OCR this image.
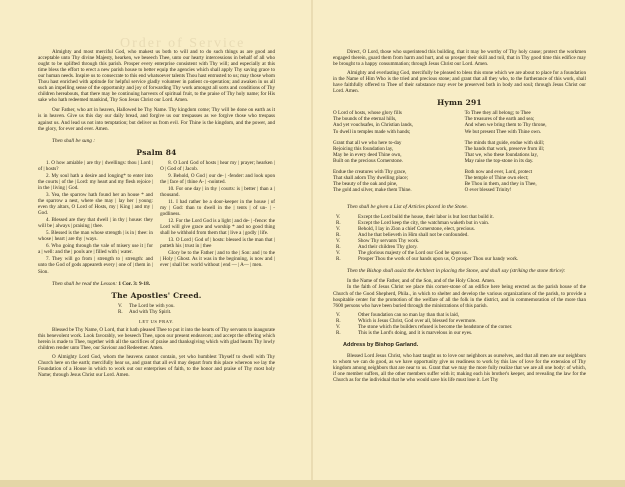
Order of Service

Almighty and most merciful God, who makest us both to will and to do such things as are good and acceptable unto Thy divine Majesty, hearken, we beseech Thee, unto our hearty intercessions in behalf of all who ought to be uplifted through this parish. Prosper every enterprise consistent with Thy will; and especially at this time bless the effort to erect a new parish house to better equip the agencies which shall apply Thy saving grace to our human needs. Inspire us to consecrate to this end whatsoever talents Thou hast entrusted to us; may those whom Thou hast enriched with aptitude for helpful service gladly volunteer in patient co-operation; and awaken in us all such an impelling sense of the opportunity and joy of forwarding Thy work amongst all sorts and conditions of Thy children hereabouts, that there may be continuing harvests of spiritual fruit, to the praise of Thy holy name; for His sake who hath redeemed mankind, Thy Son Jesus Christ our Lord. Amen.

Our Father, who art in heaven, Hallowed be Thy Name. Thy kingdom come; Thy will be done on earth as it is in heaven. Give us this day our daily bread, and forgive us our trespasses as we forgive those who trespass against us. And lead us not into temptation; but deliver us from evil. For Thine is the kingdom, and the power, and the glory, for ever and ever. Amen.

Then shall be sung :
Psalm 84

1. O how amiable | are thy | dwellings: thou | Lord | of | hosts?

2. My soul hath a desire and longing* to enter into the courts | of the | Lord: my heart and my flesh rejoice | in the | living | God.

3. Yea, the sparrow hath found her an house * and the sparrow a nest, where she may | lay her | young: even thy altars, O Lord of Hosts, my | King | and my | God.

4. Blessed are they that dwell | in thy | house: they will be | always | praising | thee.

5. Blessed is the man whose strength | is in | thee: in whose | heart | are thy | ways.

6. Who going through the vale of misery use it | for a | well: and the | pools are | filled with | water.

7. They will go from | strength to | strength: and unto the God of gods appeareth every | one of | them in | Sion.

8. O Lord God of hosts | hear my | prayer; hearken | O | God of | Jacob.

9. Behold, O God | our de- | -fender: and look upon the | face of | thine A- | -nointed.

10. For one day | in thy | courts: is | better | than a | thousand.

11. I had rather be a door-keeper in the house | of my | God: than to dwell in the | tents | of un- | -godliness.

12. For the Lord God is a light | and de- | -fence: the Lord will give grace and worship * and no good thing shall he withhold from them that | live a | godly | life.

13. O Lord | God of | hosts: blessed is the man that | putteth his | trust in | thee

Glory be to the Father | and to the | Son: and | to the | Holy | Ghost. As it was in the beginning, is now and | ever | shall be: world without | end — | A— | men.

Then shall be read the Lesson: 1 Cor. 3: 9-18.
The Apostles' Creed.
V. The Lord be with you.
R. And with Thy Spirit.
LET US PRAY.

Blessed be Thy Name, O Lord, that it hath pleased Thee to put it into the hearts of Thy servants to inaugurate this benevolent work. Look favorably, we beseech Thee, upon our present endeavors; and accept the offering which herein is made to Thee, together with all the sacrifices of praise and thanksgiving which with glad hearts Thy lowly children render unto Thee, our Saviour and Redeemer. Amen.

O Almighty Lord God, whom the heavens cannot contain, yet who humblest Thyself to dwell with Thy Church here on the earth; mercifully hear us, and grant that all evil may depart from this place whereon we lay the Foundation of a House in which to work out our enterprises of faith, to the honor and praise of Thy most holy Name; through Jesus Christ our Lord. Amen.

Direct, O Lord, those who superintend this building, that it may be worthy of Thy holy cause; protect the workmen engaged therein, guard them from harm and hurt, and so prosper their skill and toil, that in Thy good time this edifice may be brought to a happy consummation; through Jesus Christ our Lord. Amen.

Almighty and everlasting God, mercifully be pleased to bless this stone which we are about to place for a foundation in the Name of Him Who is the tried and precious stone; and grant that all they who, to the furtherance of this work, shall have faithfully offered to Thee of their substance may ever be preserved both in body and soul; through Jesus Christ our Lord. Amen.

Hymn 291
O Lord of hosts, whose glory fills
The bounds of the eternal hills,
And yet vouchsafes, in Christian lands,
To dwell in temples made with hands;
Grant that all we who here to-day
Rejoicing this foundation lay,
May be in every deed Thine own,
Built on the precious Cornerstone.
Endue the creatures with Thy grace,
That shall adorn Thy dwelling place;
The beauty of the oak and pine,
The gold and silver, make them Thine.
To Thee they all belong; to Thee
The treasures of the earth and sea;
And when we bring them to Thy throne,
We but present Thee with Thine own.
The minds that guide, endue with skill;
The hands that work, preserve from ill;
That we, who these foundations lay,
May raise the top-stone in its day.
Both now and ever, Lord, protect
The temple of Thine own elect;
Be Thou in them, and they in Thee,
O ever blessed Trinity!
Then shall be given a List of Articles placed in the Stone.
V.	Except the Lord build the house, their labor is but lost that build it.
R.	Except the Lord keep the city, the watchman waketh but in vain.
V.	Behold, I lay in Zion a chief Cornerstone, elect, precious.
R.	And he that believeth in Him shall not be confounded.
V.	Show Thy servants Thy work.
R.	And their children Thy glory.
V.	The glorious majesty of the Lord our God be upon us.
R.	Prosper Thou the work of our hands upon us, O prosper Thou our handy work.
Then the Bishop shall assist the Architect in placing the Stone, and shall say (striking the stone thrice):

In the Name of the Father, and of the Son, and of the Holy Ghost. Amen.

In the faith of Jesus Christ we place this corner-stone of an edifice here being erected as the parish house of the Church of the Good Shepherd, Phila., in which to shelter and develop the various organizations of the parish, to provide a hospitable center for the promotion of the welfare of all the folk in the district, and in commemoration of the more than 7600 persons who have been buried through the ministrations of this parish.

V.	Other foundation can no man lay than that is laid,
R.	Which is Jesus Christ, God over all, blessed for evermore.
V.	The stone which the builders refused is become the headstone of the corner.
R.	This is the Lord's doing, and it is marvelous in our eyes.
Address by Bishop Garland.

Blessed Lord Jesus Christ, who hast taught us to love our neighbors as ourselves, and that all men are our neighbors to whom we can do good, as we have opportunity give us readiness to work by this law of love for the extension of Thy kingdom among neighbors that are near to us. Grant that we may the more fully realize that we are all one body: of which, if one member suffers, all the other members suffer with it; making each his brother's keeper, and revealing the law for the Church as for the individual that he who would save his life must lose it. Let Thy
